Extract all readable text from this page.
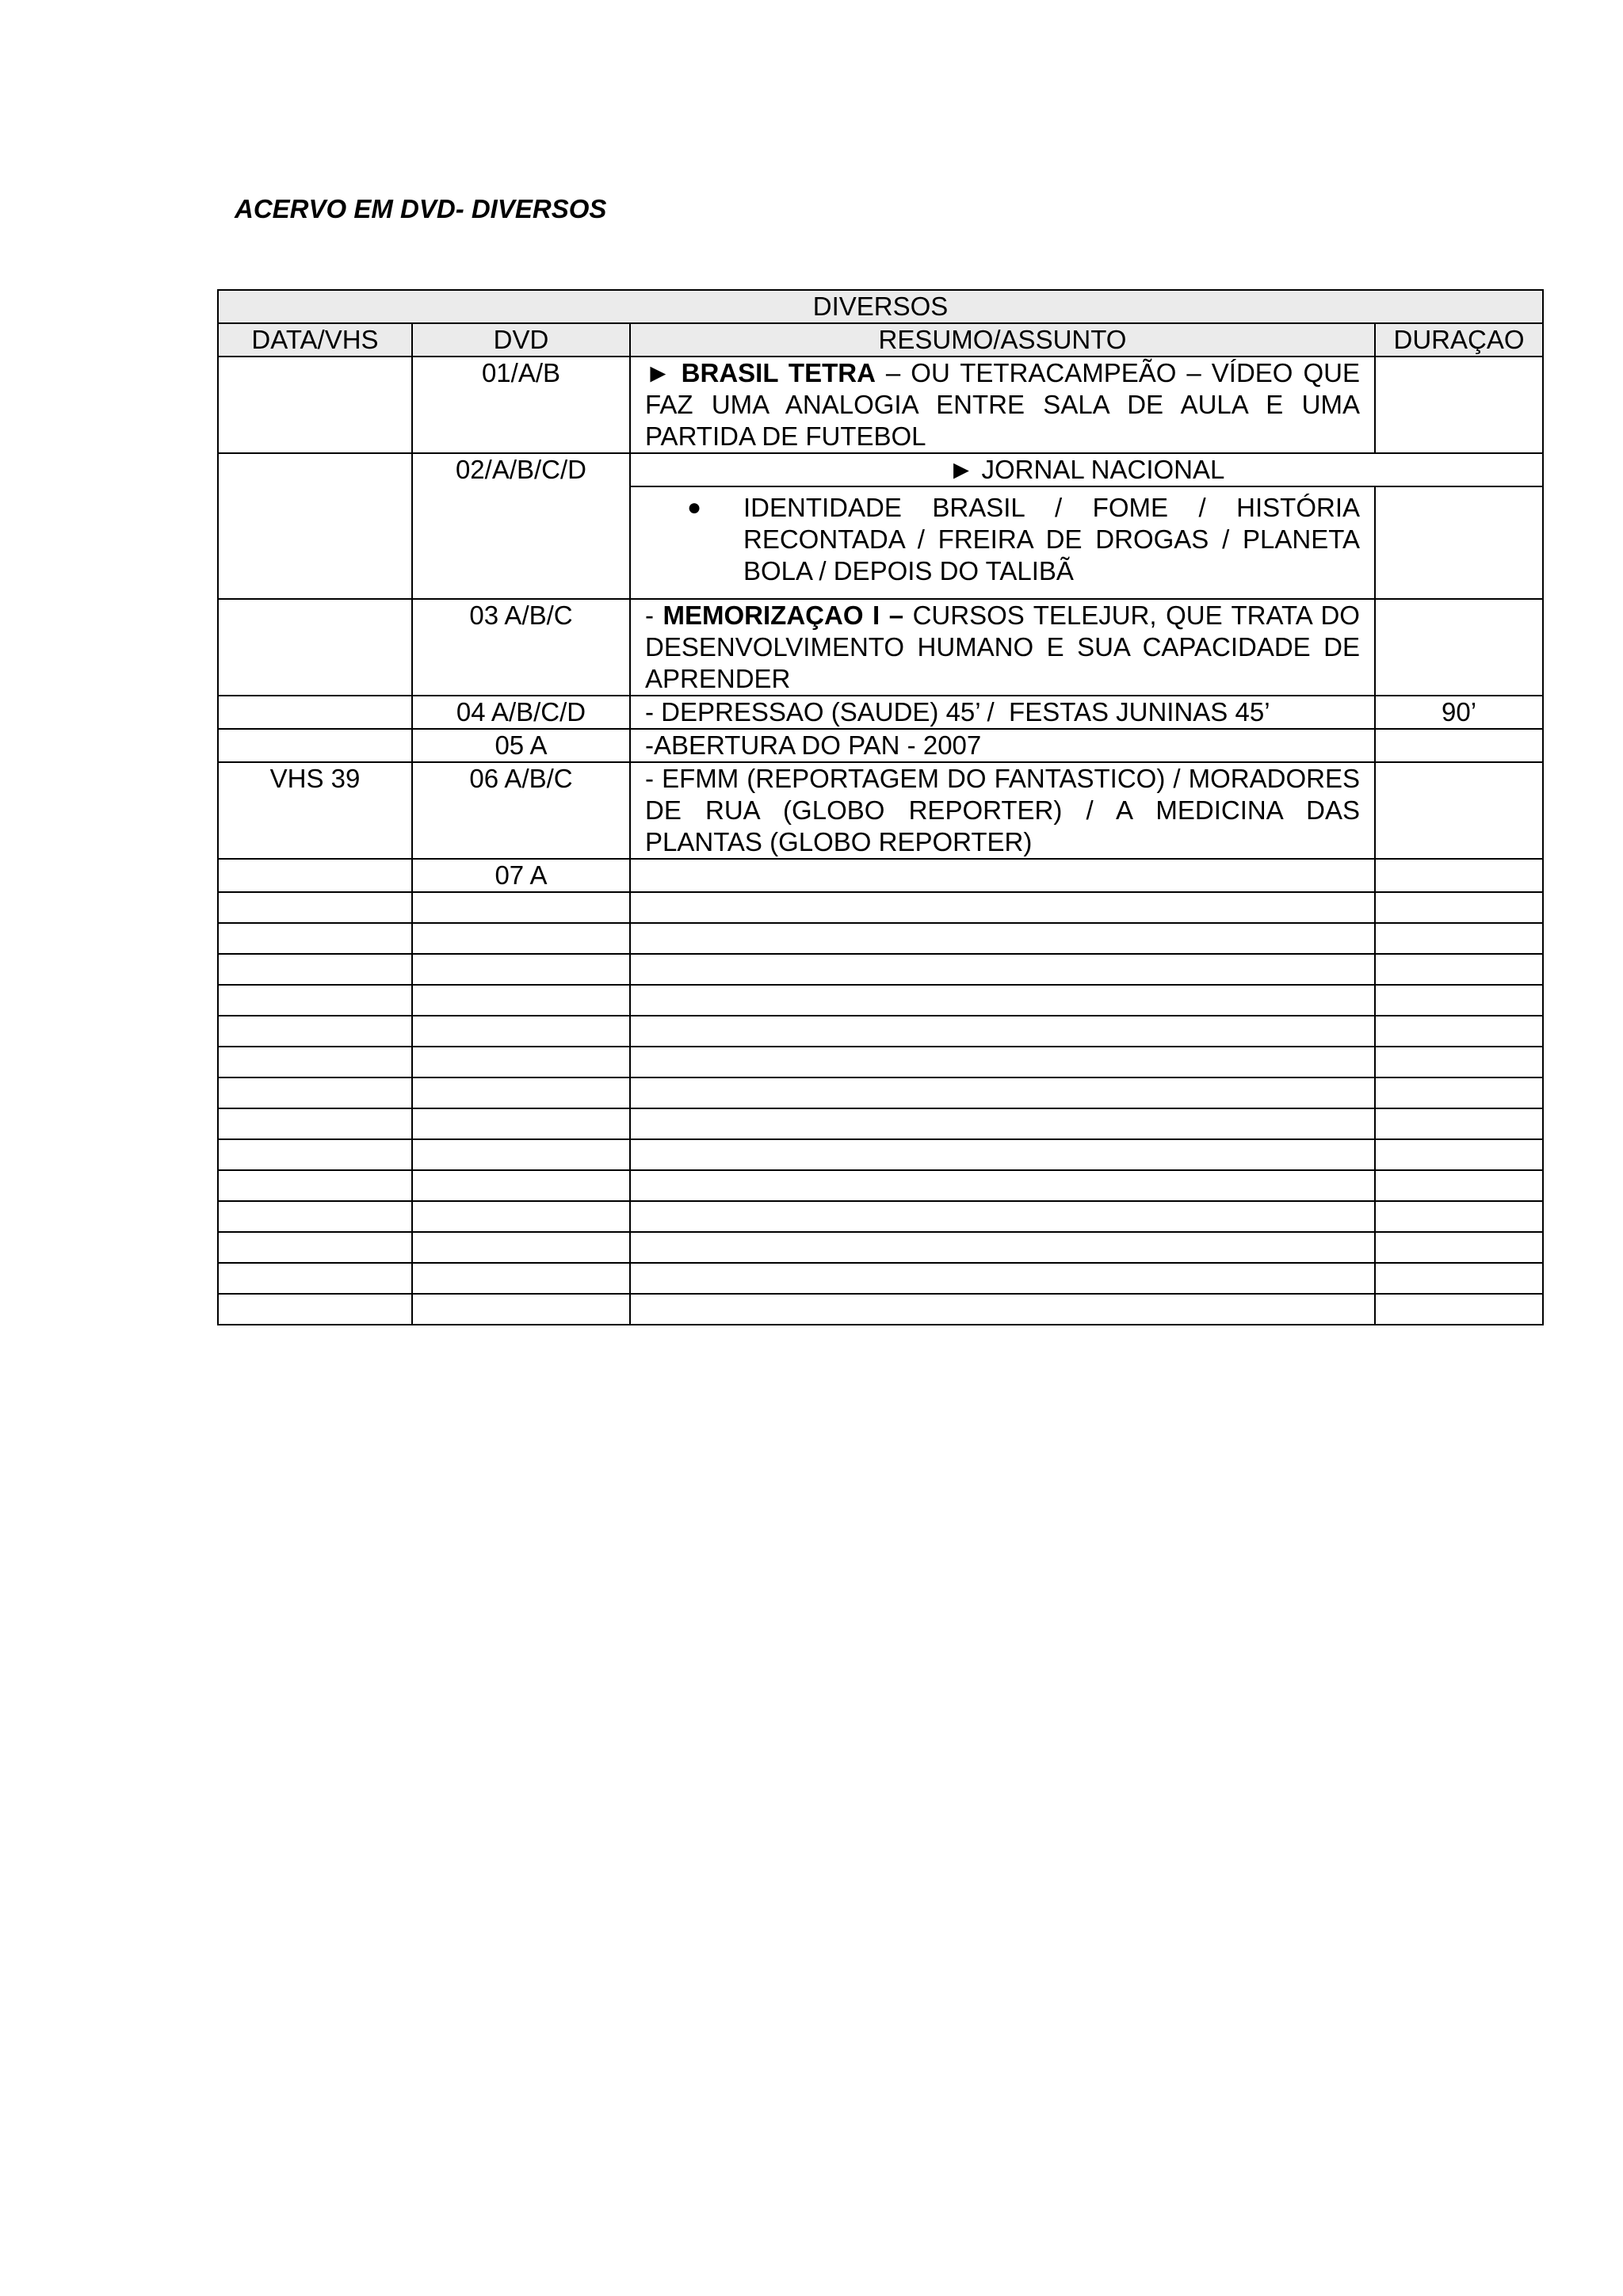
ACERVO EM DVD- DIVERSOS
DIVERSOS			
DATA/VHS	DVD	RESUMO/ASSUNTO	DURAÇAO
	01/A/B	► BRASIL TETRA – OU TETRACAMPEÃO – VÍDEO QUE FAZ UMA ANALOGIA ENTRE SALA DE AULA E UMA PARTIDA DE FUTEBOL	
	02/A/B/C/D	► JORNAL NACIONAL	

		● IDENTIDADE BRASIL / FOME / HISTÓRIA RECONTADA / FREIRA DE DROGAS / PLANETA BOLA / DEPOIS DO TALIBÃ	

	03 A/B/C	- MEMORIZAÇAO I – CURSOS TELEJUR, QUE TRATA DO DESENVOLVIMENTO HUMANO E SUA CAPACIDADE DE APRENDER	
	04 A/B/C/D	- DEPRESSAO (SAUDE) 45’ /  FESTAS JUNINAS 45’	90’
	05 A	-ABERTURA DO PAN - 2007	
VHS 39	06 A/B/C	- EFMM (REPORTAGEM DO FANTASTICO) / MORADORES DE RUA (GLOBO REPORTER) / A MEDICINA DAS PLANTAS (GLOBO REPORTER)	
	07 A		
